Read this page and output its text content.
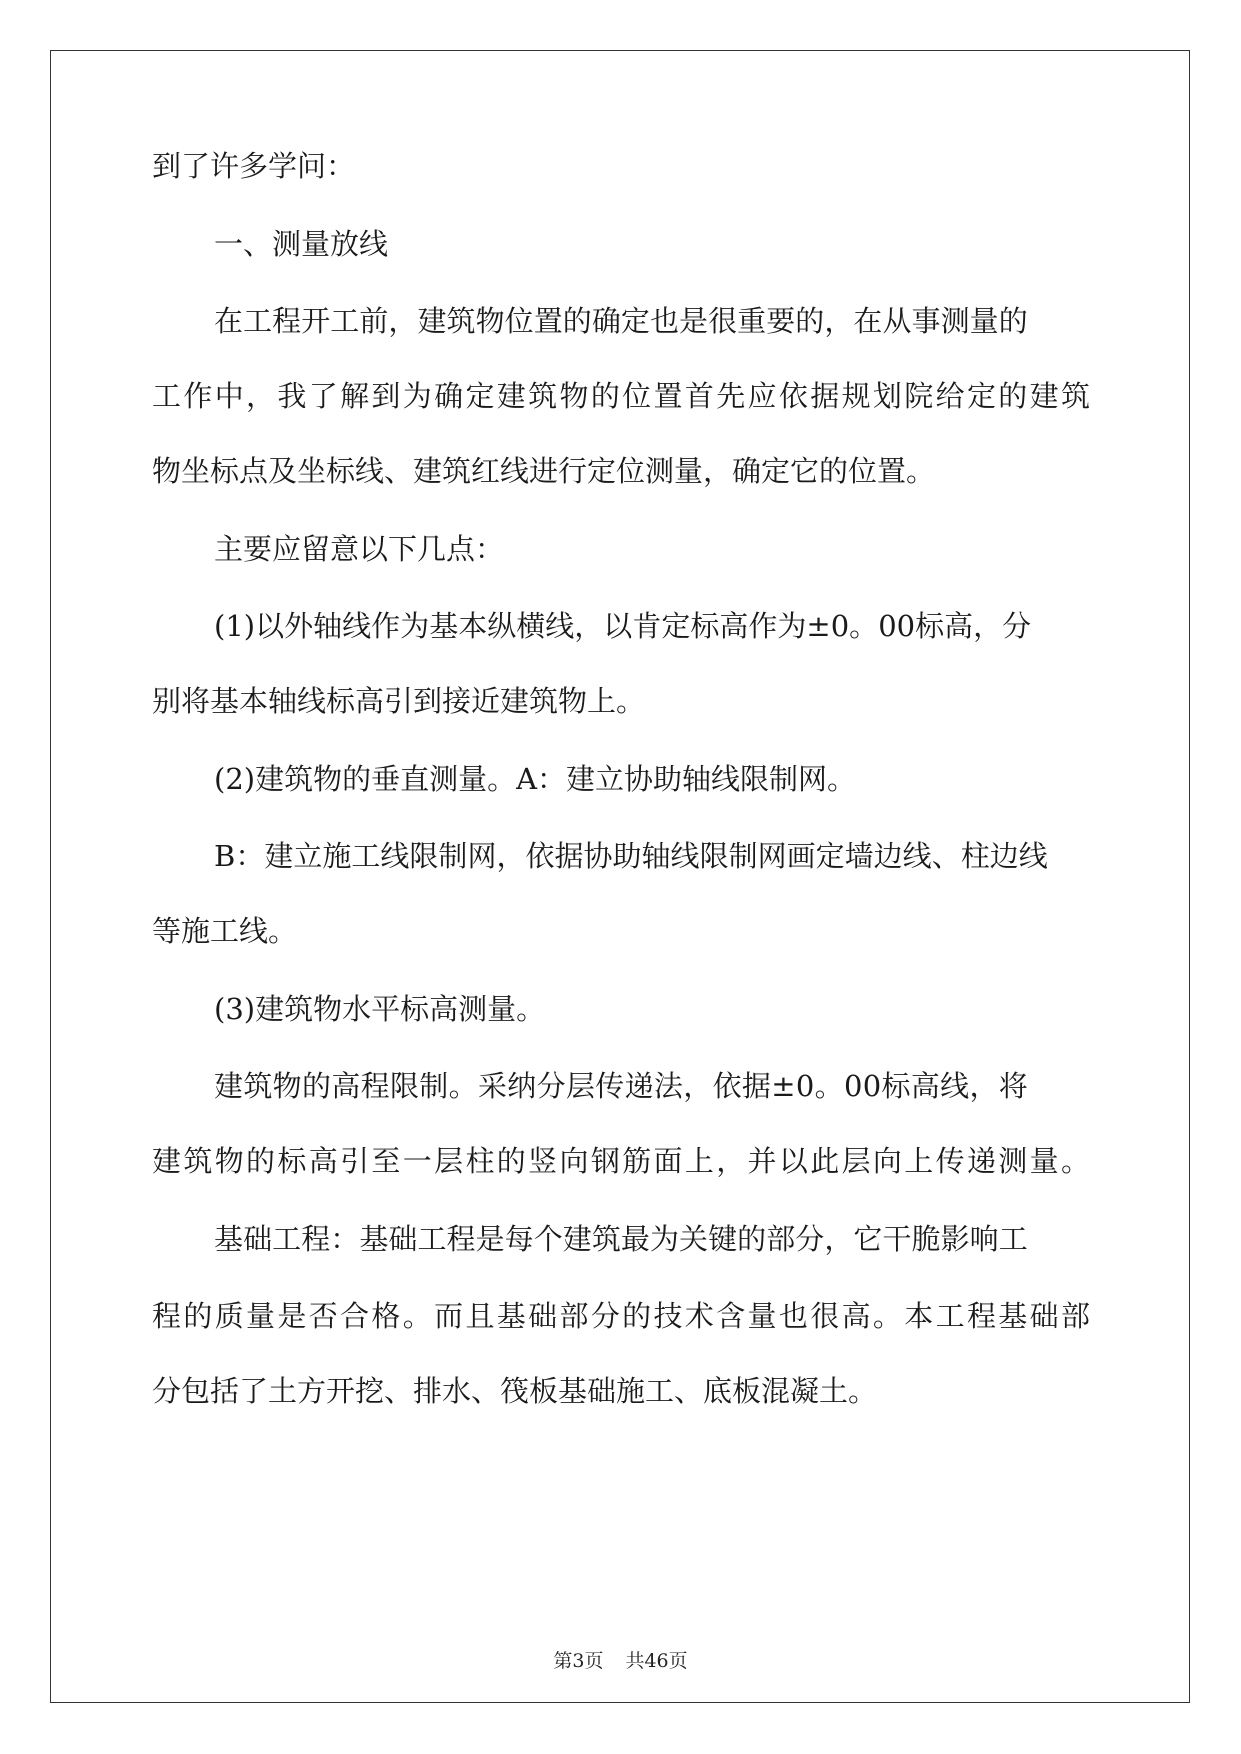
到了许多学问：
一、测量放线
在 工 程 开 工 前 ， 建 筑 物 位 置 的 确 定 也 是 很 重 要 的 ， 在 从 事 测 量 的
工 作 中 ， 我 了 解 到 为 确 定 建 筑 物 的 位 置 首 先 应 依 据 规 划 院 给 定 的 建 筑
物坐标点及坐标线、建筑红线进行定位测量，确定它的位置。
主要应留意以下几点：
( 1 ) 以 外 轴 线 作 为 基 本 纵 横 线 ， 以 肯 定 标 高 作 为 ± 0 。 0 0 标 高 ， 分
别将基本轴线标高引到接近建筑物上。
(2)建筑物的垂直测量。A：建立协助轴线限制网。
B ： 建 立 施 工 线 限 制 网 ， 依 据 协 助 轴 线 限 制 网 画 定 墙 边 线 、 柱 边 线
等施工线。
(3)建筑物水平标高测量。
建 筑 物 的 高 程 限 制 。 采 纳 分 层 传 递 法 ， 依 据 ± 0 。 0 0 标 高 线 ， 将
建 筑 物 的 标 高 引 至 一 层 柱 的 竖 向 钢 筋 面 上 ， 并 以 此 层 向 上 传 递 测 量 。
基 础 工 程 ： 基 础 工 程 是 每 个 建 筑 最 为 关 键 的 部 分 ， 它 干 脆 影 响 工
程 的 质 量 是 否 合 格 。 而 且 基 础 部 分 的 技 术 含 量 也 很 高 。 本 工 程 基 础 部
分包括了土方开挖、排水、筏板基础施工、底板混凝土。
第3页 共46页
